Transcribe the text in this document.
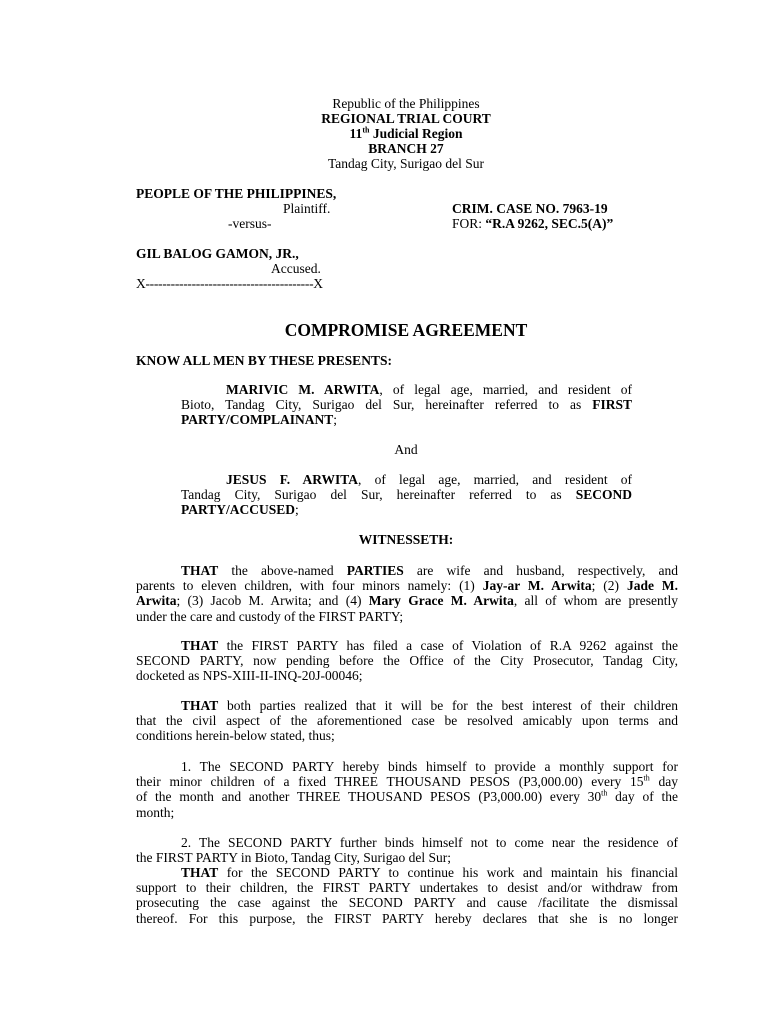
Republic of the Philippines
REGIONAL TRIAL COURT
11th Judicial Region
BRANCH 27
Tandag City, Surigao del Sur
PEOPLE OF THE PHILIPPINES,
Plaintiff.	CRIM. CASE NO. 7963-19
-versus-	FOR: “R.A 9262, SEC.5(A)”
GIL BALOG GAMON, JR.,
Accused.
X----------------------------------------X
COMPROMISE AGREEMENT
KNOW ALL MEN BY THESE PRESENTS:

MARIVIC M. ARWITA, of legal age, married, and resident of

Bioto, Tandag City, Surigao del Sur, hereinafter referred to as FIRST

PARTY/COMPLAINANT;

And

JESUS F. ARWITA, of legal age, married, and resident of

Tandag City, Surigao del Sur, hereinafter referred to as SECOND

PARTY/ACCUSED;

WITNESSETH:

THAT the above-named PARTIES are wife and husband, respectively, and

parents to eleven children, with four minors namely: (1) Jay-ar M. Arwita; (2) Jade M.

Arwita; (3) Jacob M. Arwita; and (4) Mary Grace M. Arwita, all of whom are presently

under the care and custody of the FIRST PARTY;

THAT the FIRST PARTY has filed a case of Violation of R.A 9262 against the

SECOND PARTY, now pending before the Office of the City Prosecutor, Tandag City,

docketed as NPS-XIII-II-INQ-20J-00046;

THAT both parties realized that it will be for the best interest of their children

that the civil aspect of the aforementioned case be resolved amicably upon terms and

conditions herein-below stated, thus;

1. The SECOND PARTY hereby binds himself to provide a monthly support for

their minor children of a fixed THREE THOUSAND PESOS (P3,000.00) every 15th day

of the month and another THREE THOUSAND PESOS (P3,000.00) every 30th day of the

month;

2. The SECOND PARTY further binds himself not to come near the residence of

the FIRST PARTY in Bioto, Tandag City, Surigao del Sur;

THAT for the SECOND PARTY to continue his work and maintain his financial

support to their children, the FIRST PARTY undertakes to desist and/or withdraw from

prosecuting the case against the SECOND PARTY and cause /facilitate the dismissal

thereof. For this purpose, the FIRST PARTY hereby declares that she is no longer
